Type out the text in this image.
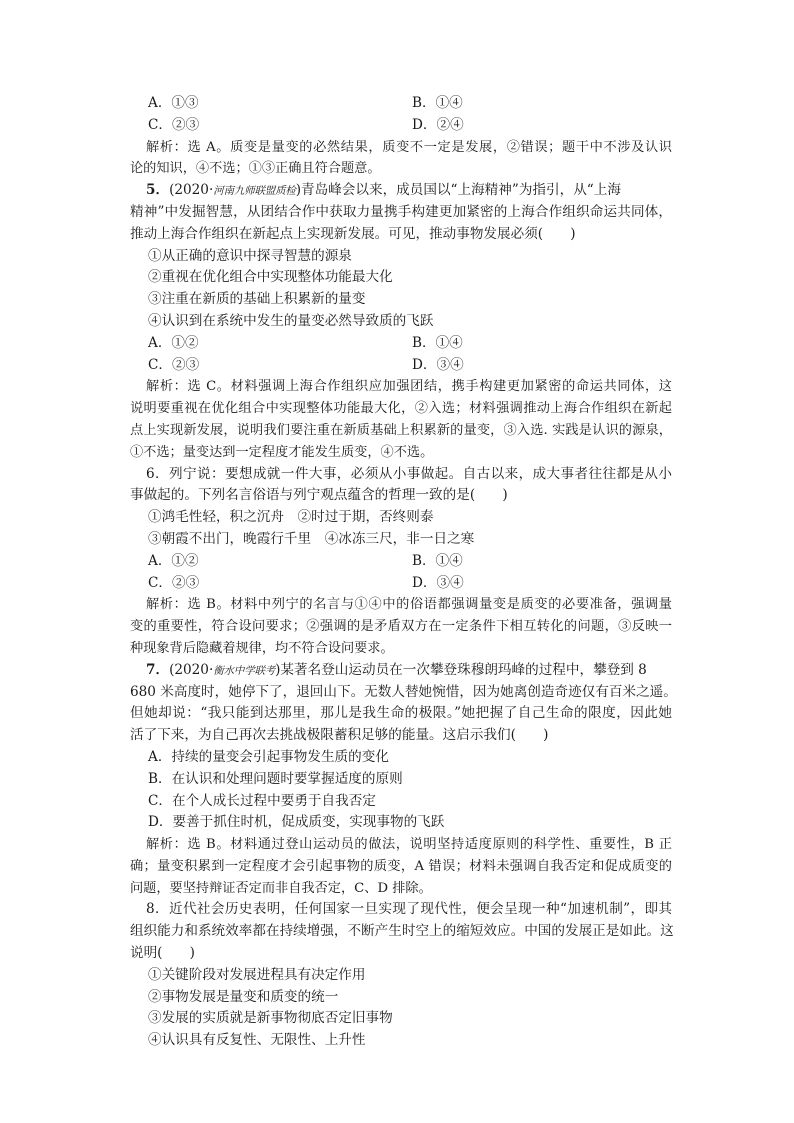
A．①③	B．①④
C．②③	D．②④
解析：选 A。质变是量变的必然结果，质变不一定是发展，②错误；题干中不涉及认识
论的知识，④不选；①③正确且符合题意。
5．(2020·河南九师联盟质检)青岛峰会以来，成员国以“上海精神”为指引，从“上海
精神”中发掘智慧，从团结合作中获取力量携手构建更加紧密的上海合作组织命运共同体，
推动上海合作组织在新起点上实现新发展。可见，推动事物发展必须(　　)
①从正确的意识中探寻智慧的源泉
②重视在优化组合中实现整体功能最大化
③注重在新质的基础上积累新的量变
④认识到在系统中发生的量变必然导致质的飞跃
A．①②	B．①④
C．②③	D．③④
解析：选 C。材料强调上海合作组织应加强团结，携手构建更加紧密的命运共同体，这
说明要重视在优化组合中实现整体功能最大化，②入选；材料强调推动上海合作组织在新起
点上实现新发展，说明我们要注重在新质基础上积累新的量变，③入选. 实践是认识的源泉，
①不选；量变达到一定程度才能发生质变，④不选。
6．列宁说：要想成就一件大事，必须从小事做起。自古以来，成大事者往往都是从小
事做起的。下列名言俗语与列宁观点蕴含的哲理一致的是(　　)
①鸿毛性轻，积之沉舟　②时过于期，否终则泰
③朝霞不出门，晚霞行千里　④冰冻三尺，非一日之寒
A．①②	B．①④
C．②③	D．③④
解析：选 B。材料中列宁的名言与①④中的俗语都强调量变是质变的必要准备，强调量
变的重要性，符合设问要求；②强调的是矛盾双方在一定条件下相互转化的问题，③反映一
种现象背后隐藏着规律，均不符合设问要求。
7．(2020·衡水中学联考)某著名登山运动员在一次攀登珠穆朗玛峰的过程中，攀登到 8
680 米高度时，她停下了，退回山下。无数人替她惋惜，因为她离创造奇迹仅有百米之遥。
但她却说：“我只能到达那里，那儿是我生命的极限。”她把握了自己生命的限度，因此她
活了下来，为自己再次去挑战极限蓄积足够的能量。这启示我们(　　)
A．持续的量变会引起事物发生质的变化
B．在认识和处理问题时要掌握适度的原则
C．在个人成长过程中要勇于自我否定
D．要善于抓住时机，促成质变，实现事物的飞跃
解析：选 B。材料通过登山运动员的做法，说明坚持适度原则的科学性、重要性，B 正
确；量变积累到一定程度才会引起事物的质变，A 错误；材料未强调自我否定和促成质变的
问题，要坚持辩证否定而非自我否定，C、D 排除。
8．近代社会历史表明，任何国家一旦实现了现代性，便会呈现一种“加速机制”，即其
组织能力和系统效率都在持续增强，不断产生时空上的缩短效应。中国的发展正是如此。这
说明(　　)
①关键阶段对发展进程具有决定作用
②事物发展是量变和质变的统一
③发展的实质就是新事物彻底否定旧事物
④认识具有反复性、无限性、上升性
